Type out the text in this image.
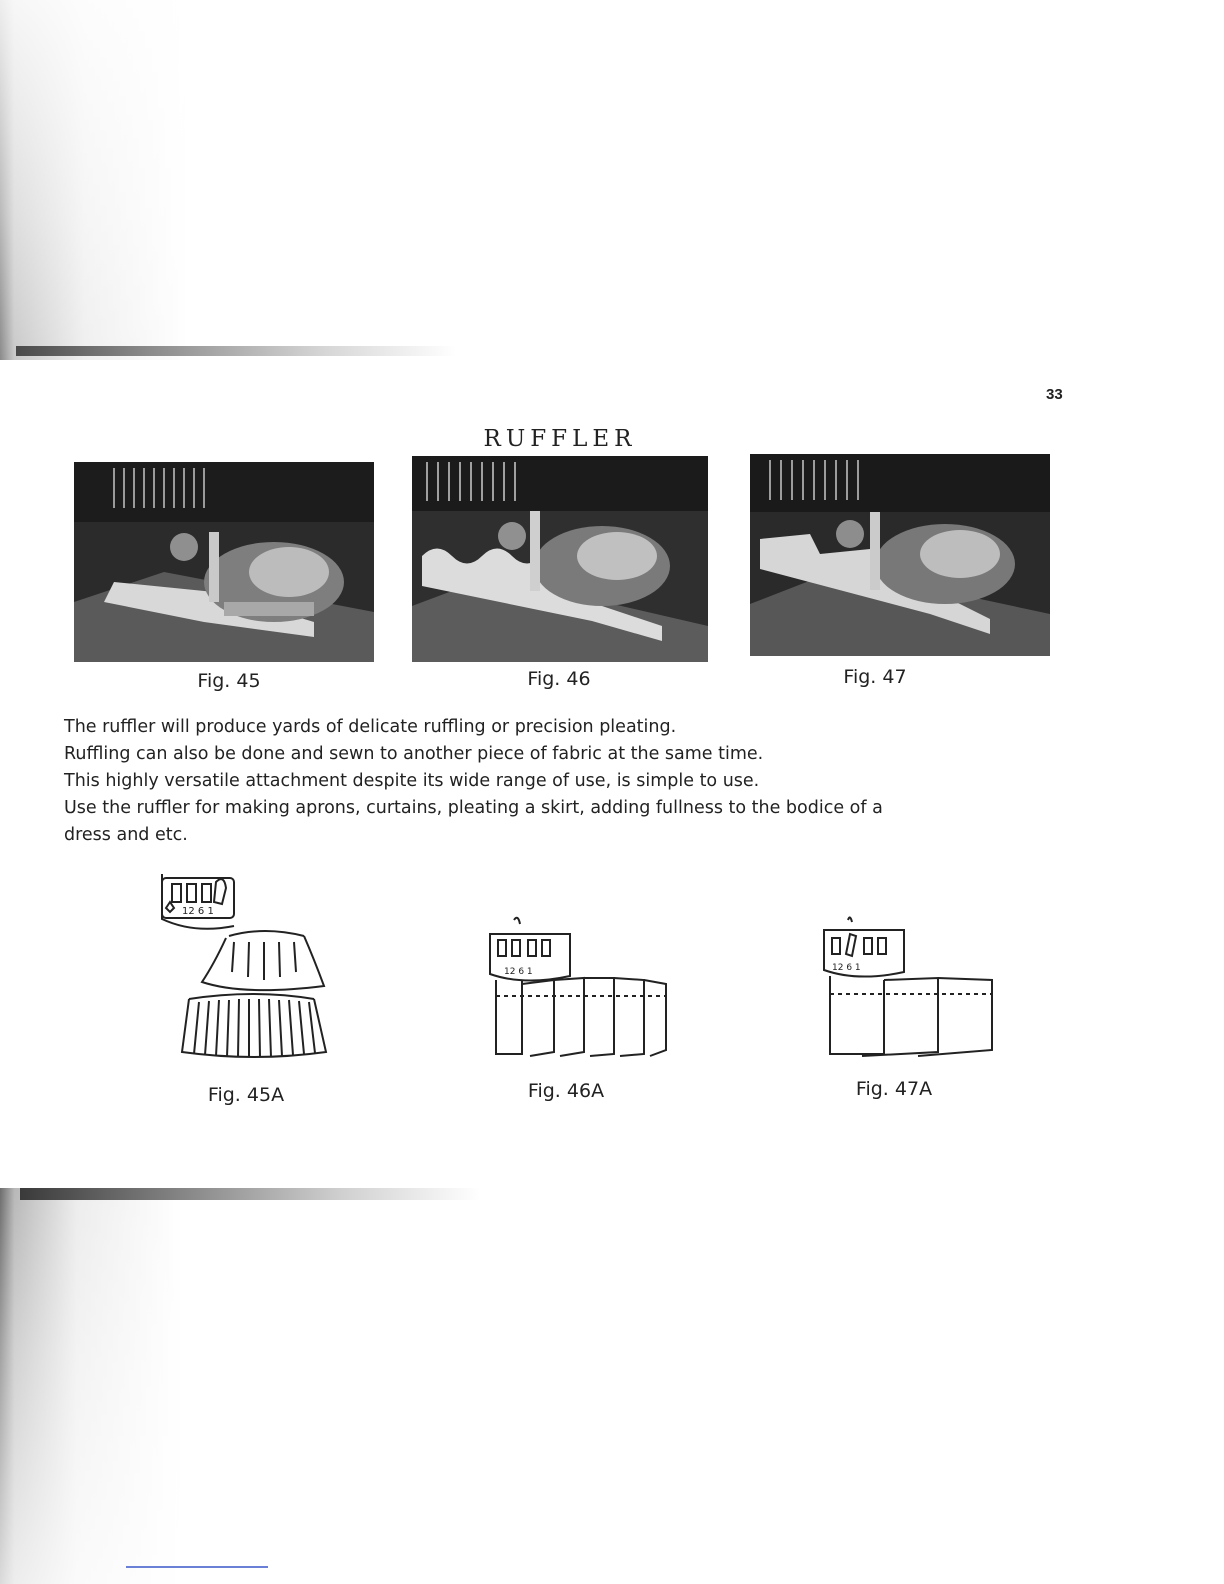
33
RUFFLER
Fig. 45	Fig. 46	Fig. 47

The ruffler will produce yards of delicate ruffling or precision pleating.

Ruffling can also be done and sewn to another piece of fabric at the same time.

This highly versatile attachment despite its wide range of use, is simple to use.

Use the ruffler for making aprons, curtains, pleating a skirt, adding fullness to the bodice of a

dress and etc.

12 6 1
Fig. 45A
12 6 1
Fig. 46A
12 6 1
Fig. 47A
